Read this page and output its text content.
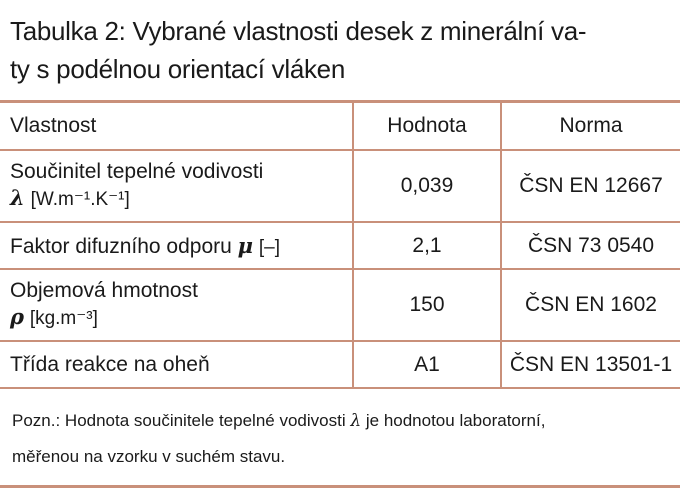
Tabulka 2: Vybrané vlastnosti desek z minerální va-
ty s podélnou orientací vláken
Vlastnost	Hodnota	Norma

Součinitel tepelné vodivosti
λ [W.m⁻¹.K⁻¹]	0,039	ČSN EN 12667
Faktor difuzního odporu μ [–]	2,1	ČSN 73 0540

Objemová hmotnost
ρ [kg.m⁻³]	150	ČSN EN 1602
Třída reakce na oheň	A1	ČSN EN 13501-1
Pozn.: Hodnota součinitele tepelné vodivosti λ je hodnotou laboratorní,
měřenou na vzorku v suchém stavu.
